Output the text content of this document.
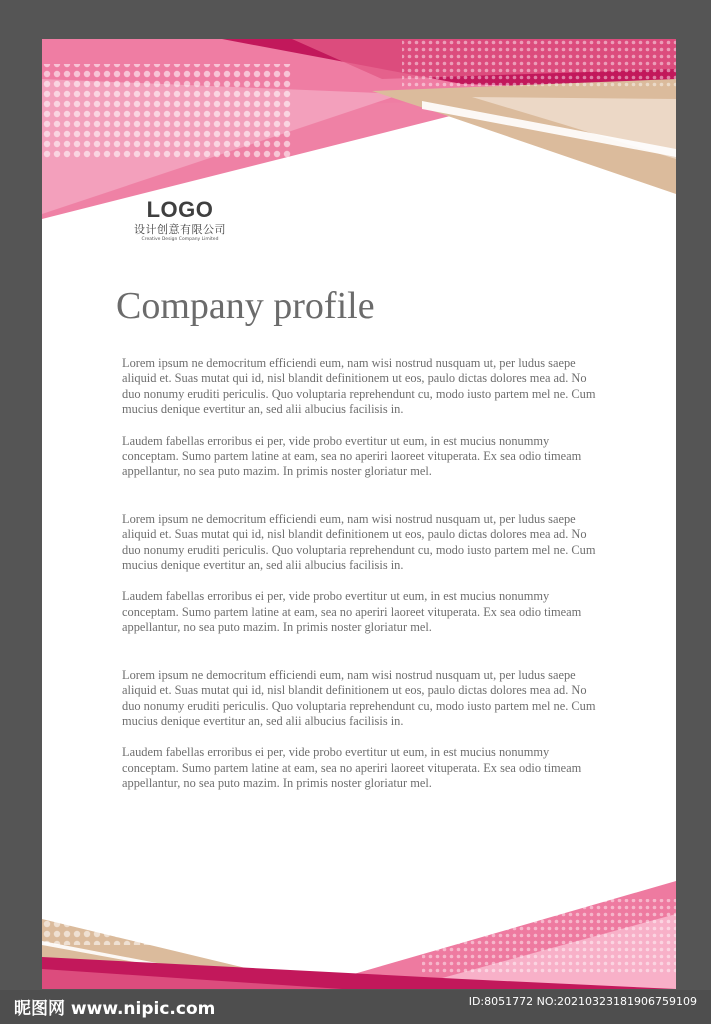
LOGO
设计创意有限公司
Creative Design Company Limited
Company profile

Lorem ipsum ne democritum efficiendi eum, nam wisi nostrud nusquam ut, per ludus saepe aliquid et. Suas mutat qui id, nisl blandit definitionem ut eos, paulo dictas dolores mea ad. No duo nonumy eruditi periculis. Quo voluptaria reprehendunt cu, modo iusto partem mel ne. Cum mucius denique evertitur an, sed alii albucius facilisis in.

Laudem fabellas erroribus ei per, vide probo evertitur ut eum, in est mucius nonummy conceptam. Sumo partem latine at eam, sea no aperiri laoreet vituperata. Ex sea odio timeam appellantur, no sea puto mazim. In primis noster gloriatur mel.

Lorem ipsum ne democritum efficiendi eum, nam wisi nostrud nusquam ut, per ludus saepe aliquid et. Suas mutat qui id, nisl blandit definitionem ut eos, paulo dictas dolores mea ad. No duo nonumy eruditi periculis. Quo voluptaria reprehendunt cu, modo iusto partem mel ne. Cum mucius denique evertitur an, sed alii albucius facilisis in.

Laudem fabellas erroribus ei per, vide probo evertitur ut eum, in est mucius nonummy conceptam. Sumo partem latine at eam, sea no aperiri laoreet vituperata. Ex sea odio timeam appellantur, no sea puto mazim. In primis noster gloriatur mel.

Lorem ipsum ne democritum efficiendi eum, nam wisi nostrud nusquam ut, per ludus saepe aliquid et. Suas mutat qui id, nisl blandit definitionem ut eos, paulo dictas dolores mea ad. No duo nonumy eruditi periculis. Quo voluptaria reprehendunt cu, modo iusto partem mel ne. Cum mucius denique evertitur an, sed alii albucius facilisis in.

Laudem fabellas erroribus ei per, vide probo evertitur ut eum, in est mucius nonummy conceptam. Sumo partem latine at eam, sea no aperiri laoreet vituperata. Ex sea odio timeam appellantur, no sea puto mazim. In primis noster gloriatur mel.

昵图网 www.nipic.com	ID:8051772 NO:20210323181906759109
